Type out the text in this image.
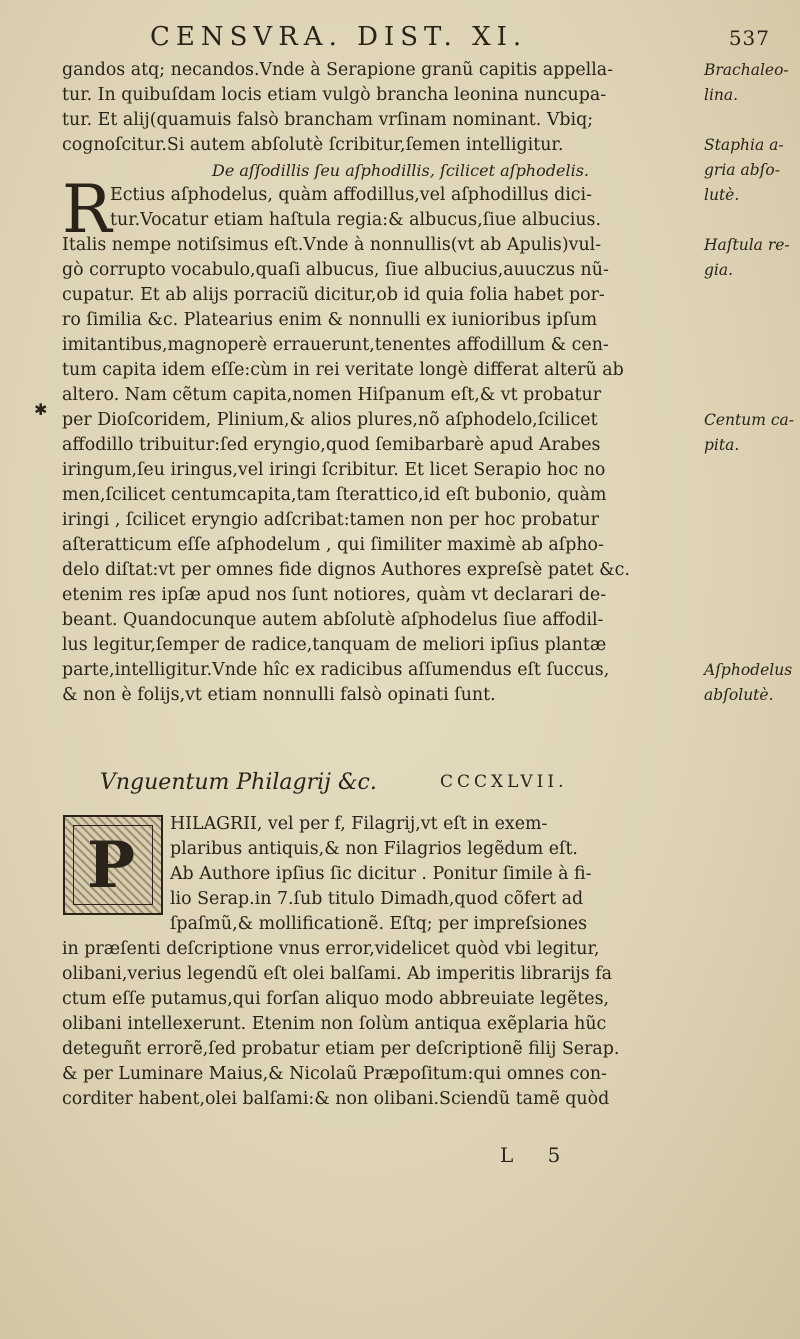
CENSVRA. DIST. XI.	537
gandos atq; necandos.Vnde à Serapione granũ capitis appella-
tur. In quibuſdam locis etiam vulgò brancha leonina nuncupa-
tur. Et alij(quamuis falsò brancham vrſinam nominant. Vbiq;
cognoſcitur.Si autem abſolutè ſcribitur,ſemen intelligitur.
De aſſodillis ſeu aſphodillis, ſcilicet aſphodelis.
Ectius aſphodelus, quàm affodillus,vel aſphodillus dici-
tur.Vocatur etiam haſtula regia:& albucus,ſiue albucius.
Italis nempe notiſsimus eſt.Vnde à nonnullis(vt ab Apulis)vul-
gò corrupto vocabulo,quaſi albucus, ſiue albucius,auuczus nũ-
cupatur. Et ab alijs porraciũ dicitur,ob id quia folia habet por-
ro ſimilia &c. Platearius enim & nonnulli ex iunioribus ipſum
imitantibus,magnoperè errauerunt,tenentes affodillum & cen-
tum capita idem eſſe:cùm in rei veritate longè differat alterũ ab
altero. Nam cẽtum capita,nomen Hiſpanum eſt,& vt probatur
per Dioſcoridem, Plinium,& alios plures,nõ aſphodelo,ſcilicet
affodillo tribuitur:ſed eryngio,quod ſemibarbarè apud Arabes
iringum,ſeu iringus,vel iringi ſcribitur. Et licet Serapio hoc no
men,ſcilicet centumcapita,tam ſterattico,id eſt bubonio, quàm
iringi , ſcilicet eryngio adſcribat:tamen non per hoc probatur
aſteratticum eſſe aſphodelum , qui ſimiliter maximè ab aſpho-
delo diſtat:vt per omnes fide dignos Authores expreſsè patet &c.
etenim res ipſæ apud nos ſunt notiores, quàm vt declarari de-
beant. Quandocunque autem abſolutè aſphodelus ſiue affodil-
lus legitur,ſemper de radice,tanquam de meliori ipſius plantæ
parte,intelligitur.Vnde hîc ex radicibus aſſumendus eſt ſuccus,
& non è folijs,vt etiam nonnulli falsò opinati ſunt.
R
Brachaleo-
lina.
Staphia a-
gria abſo-
lutè.
Haſtula re-
gia.
Centum ca-
pita.
Aſphodelus
abſolutè.
Vnguentum Philagrij &c.	CCCXLVII.
P
HILAGRII, vel per f, Filagrij,vt eſt in exem-
plaribus antiquis,& non Filagrios legẽdum eſt.
Ab Authore ipſius ſic dicitur . Ponitur ſimile à fi-
lio Serap.in 7.ſub titulo Dimadh,quod cõfert ad
ſpaſmũ,& mollificationẽ. Eſtq; per impreſsiones
in præſenti deſcriptione vnus error,videlicet quòd vbi legitur,
olibani,verius legendũ eſt olei balſami. Ab imperitis librarijs fa
ctum eſſe putamus,qui forſan aliquo modo abbreuiate legẽtes,
olibani intellexerunt. Etenim non ſolùm antiqua exẽplaria hũc
deteguñt errorẽ,ſed probatur etiam per deſcriptionẽ filij Serap.
& per Luminare Maius,& Nicolaũ Præpoſitum:qui omnes con-
corditer habent,olei balſami:& non olibani.Sciendũ tamẽ quòd
L 5
✱
